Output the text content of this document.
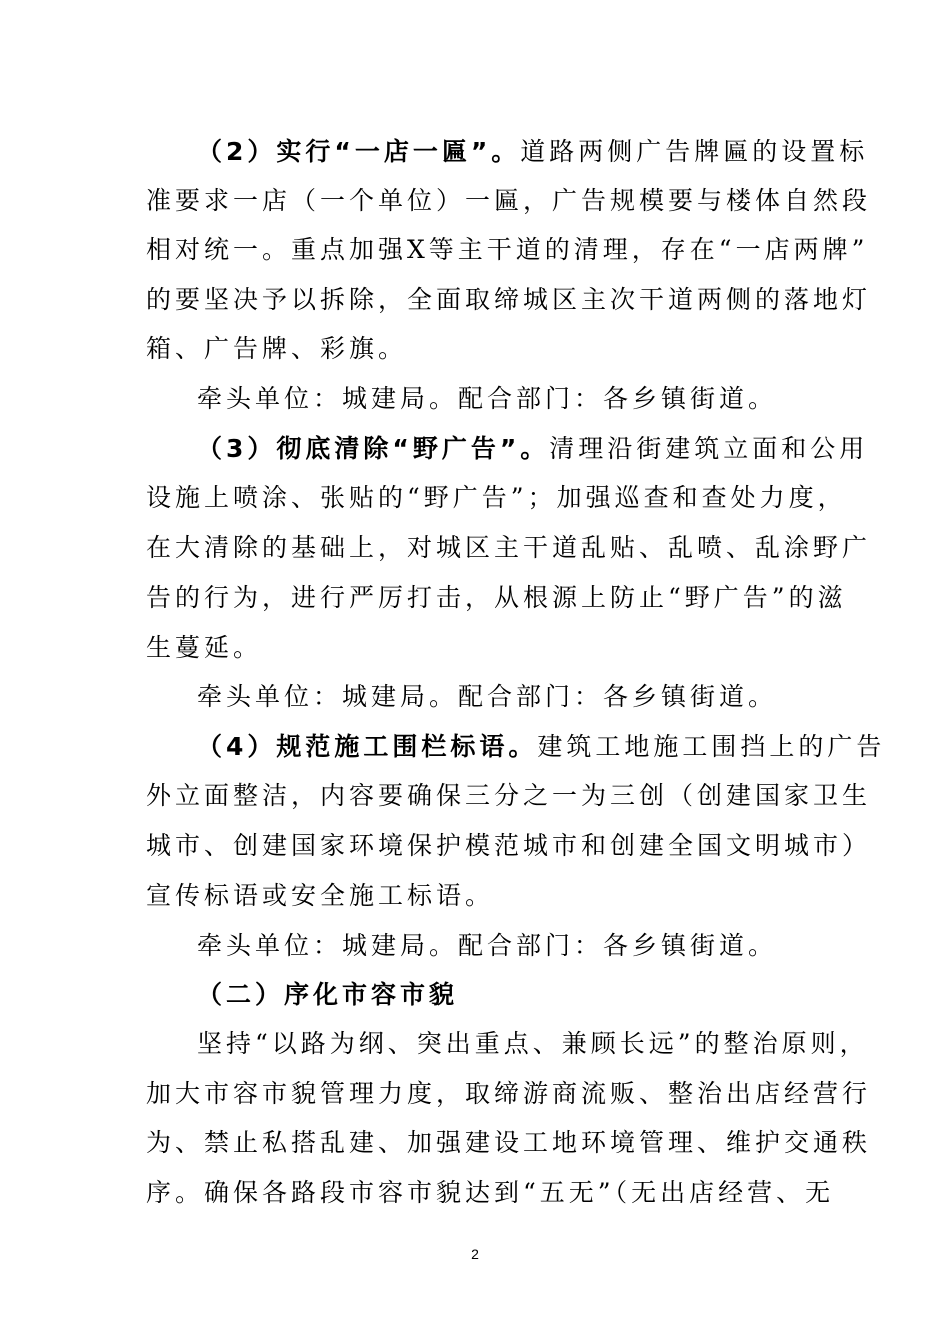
（2）实行“一店一匾”。道路两侧广告牌匾的设置标
准要求一店（一个单位）一匾，广告规模要与楼体自然段
相对统一。重点加强X等主干道的清理，存在“一店两牌”
的要坚决予以拆除，全面取缔城区主次干道两侧的落地灯
箱、广告牌、彩旗。
牵头单位：城建局。配合部门：各乡镇街道。
（3）彻底清除“野广告”。清理沿街建筑立面和公用
设施上喷涂、张贴的“野广告”；加强巡查和查处力度，
在大清除的基础上，对城区主干道乱贴、乱喷、乱涂野广
告的行为，进行严厉打击，从根源上防止“野广告”的滋
生蔓延。
牵头单位：城建局。配合部门：各乡镇街道。
（4）规范施工围栏标语。建筑工地施工围挡上的广告
外立面整洁，内容要确保三分之一为三创（创建国家卫生
城市、创建国家环境保护模范城市和创建全国文明城市）
宣传标语或安全施工标语。
牵头单位：城建局。配合部门：各乡镇街道。
（二）序化市容市貌
坚持“以路为纲、突出重点、兼顾长远”的整治原则，
加大市容市貌管理力度，取缔游商流贩、整治出店经营行
为、禁止私搭乱建、加强建设工地环境管理、维护交通秩
序。确保各路段市容市貌达到“五无”（无出店经营、无
2
